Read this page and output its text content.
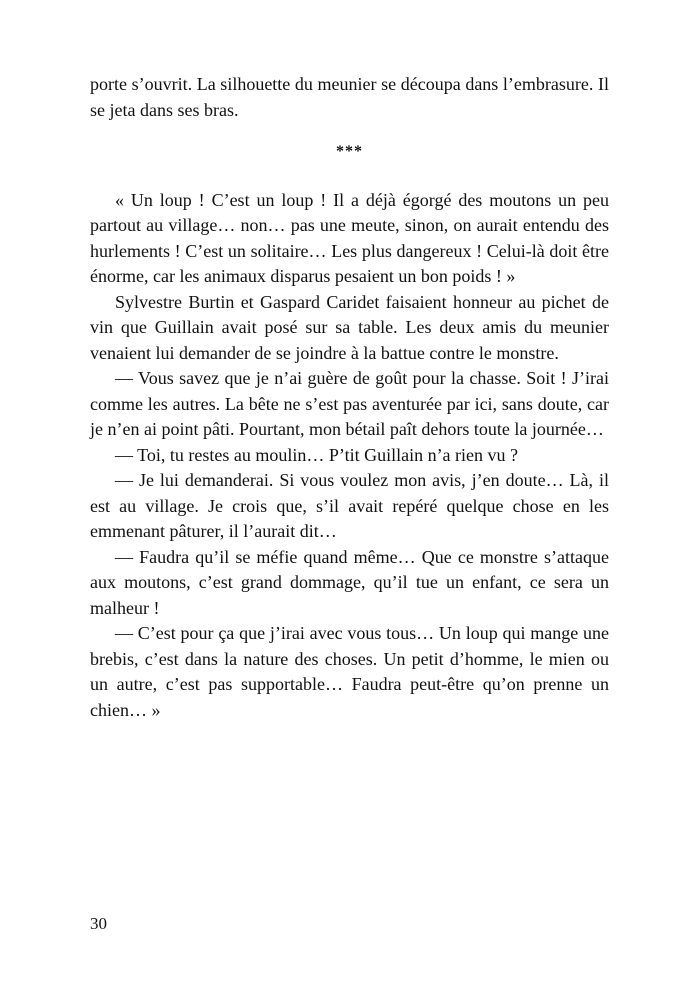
porte s’ouvrit. La silhouette du meunier se découpa dans l’embrasure. Il se jeta dans ses bras.

***

« Un loup ! C’est un loup ! Il a déjà égorgé des moutons un peu partout au village… non… pas une meute, sinon, on aurait entendu des hurlements ! C’est un solitaire… Les plus dangereux ! Celui-là doit être énorme, car les animaux disparus pesaient un bon poids ! »

Sylvestre Burtin et Gaspard Caridet faisaient honneur au pichet de vin que Guillain avait posé sur sa table. Les deux amis du meunier venaient lui demander de se joindre à la battue contre le monstre.

— Vous savez que je n’ai guère de goût pour la chasse. Soit ! J’irai comme les autres. La bête ne s’est pas aventurée par ici, sans doute, car je n’en ai point pâti. Pourtant, mon bétail paît dehors toute la journée…

— Toi, tu restes au moulin… P’tit Guillain n’a rien vu ?

— Je lui demanderai. Si vous voulez mon avis, j’en doute… Là, il est au village. Je crois que, s’il avait repéré quelque chose en les emmenant pâturer, il l’aurait dit…

— Faudra qu’il se méfie quand même… Que ce monstre s’attaque aux moutons, c’est grand dommage, qu’il tue un enfant, ce sera un malheur !

— C’est pour ça que j’irai avec vous tous… Un loup qui mange une brebis, c’est dans la nature des choses. Un petit d’homme, le mien ou un autre, c’est pas supportable… Faudra peut-être qu’on prenne un chien… »

30
